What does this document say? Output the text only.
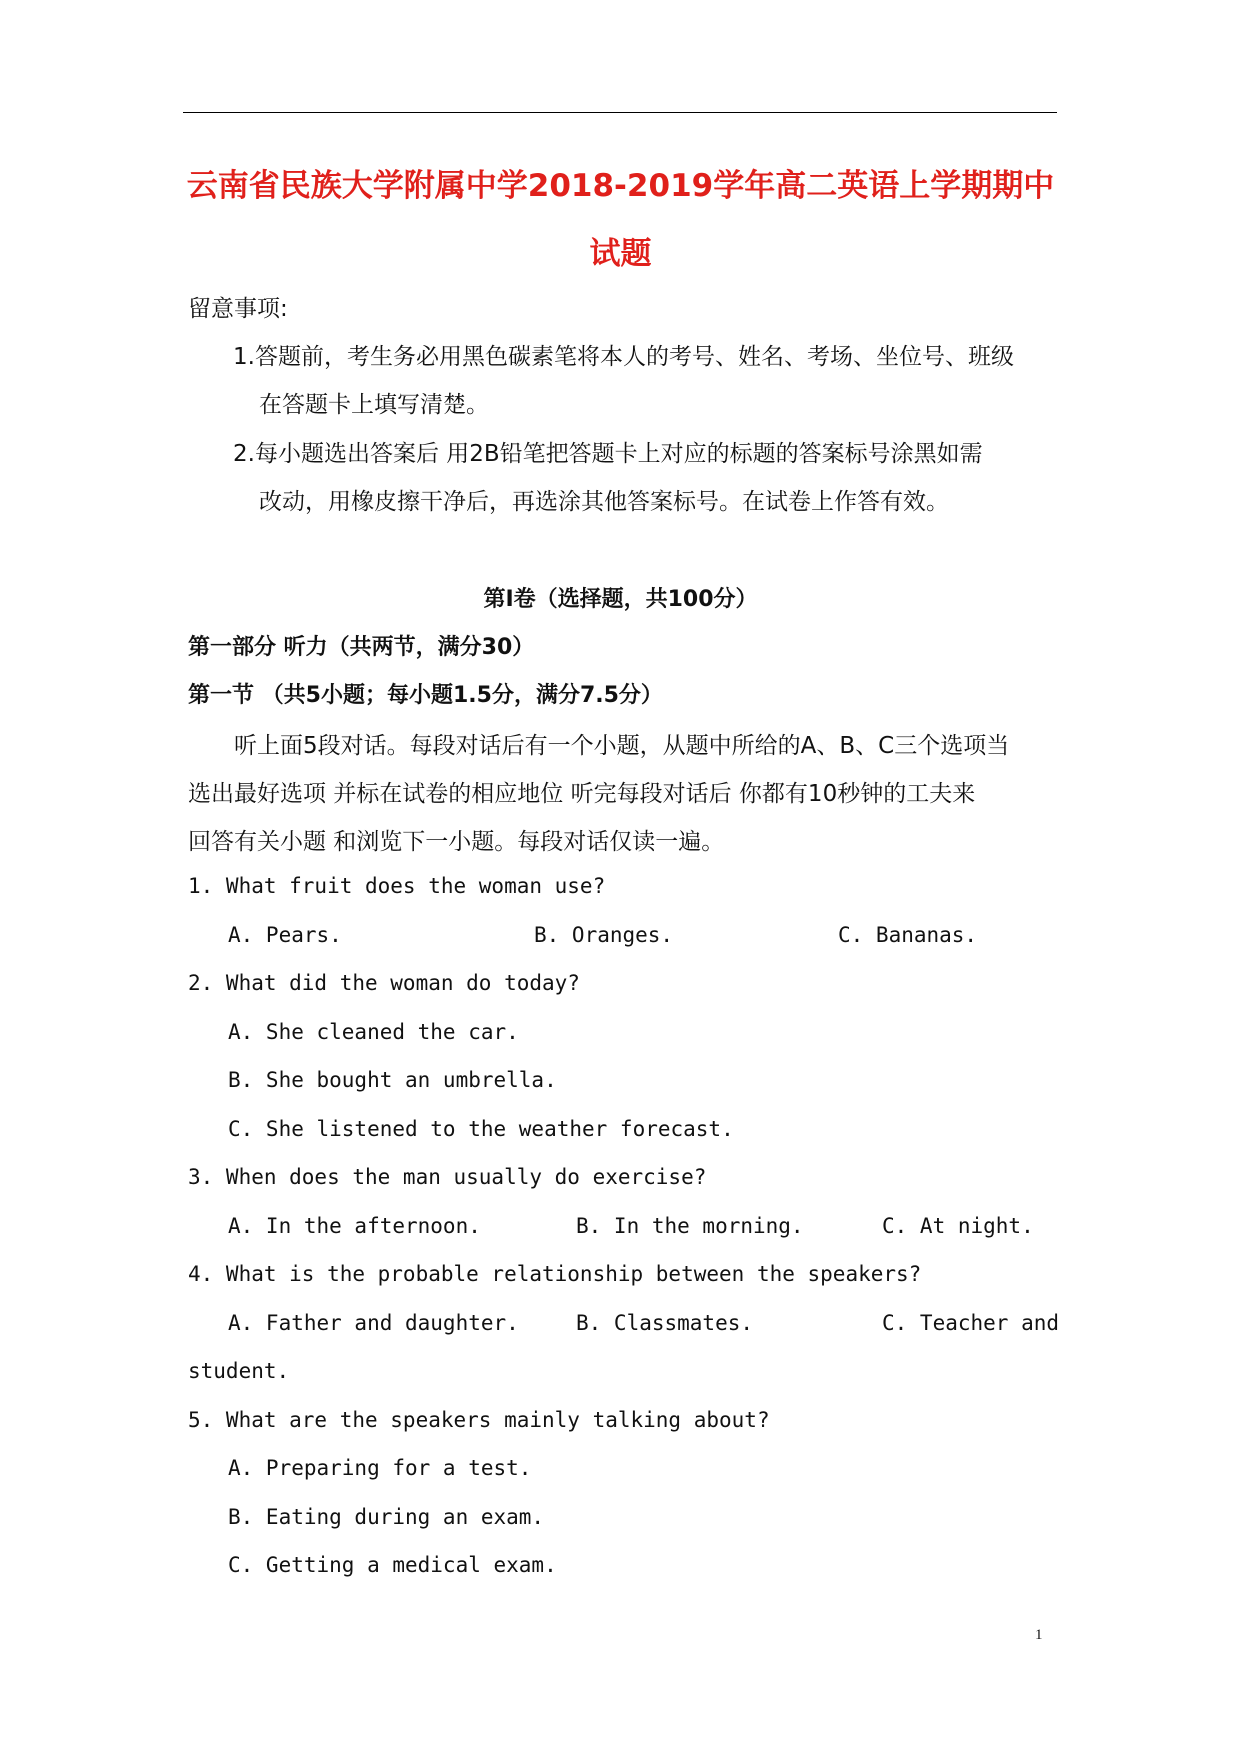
云南省民族大学附属中学2018-2019学年高二英语上学期期中
试题
留意事项:
1.答题前，考生务必用黑色碳素笔将本人的考号、姓名、考场、坐位号、班级
在答题卡上填写清楚。
2.每小题选出答案后 用2B铅笔把答题卡上对应的标题的答案标号涂黑如需
改动，用橡皮擦干净后，再选涂其他答案标号。在试卷上作答有效。
第Ⅰ卷（选择题，共100分）
第一部分 听力（共两节，满分30）
第一节 （共5小题；每小题1.5分，满分7.5分）
听上面5段对话。每段对话后有一个小题，从题中所给的A、B、C三个选项当
选出最好选项 并标在试卷的相应地位 听完每段对话后 你都有10秒钟的工夫来
回答有关小题 和浏览下一小题。每段对话仅读一遍。
1. What fruit does the woman use?
A. Pears.	B. Oranges.	C. Bananas.
2. What did the woman do today?
A. She cleaned the car.
B. She bought an umbrella.
C. She listened to the weather forecast.
3. When does the man usually do exercise?
A. In the afternoon.	B. In the morning.	C. At night.
4. What is the probable relationship between the speakers?
A. Father and daughter.	B. Classmates.	C. Teacher and
student.
5. What are the speakers mainly talking about?
A. Preparing for a test.
B. Eating during an exam.
C. Getting a medical exam.
1
